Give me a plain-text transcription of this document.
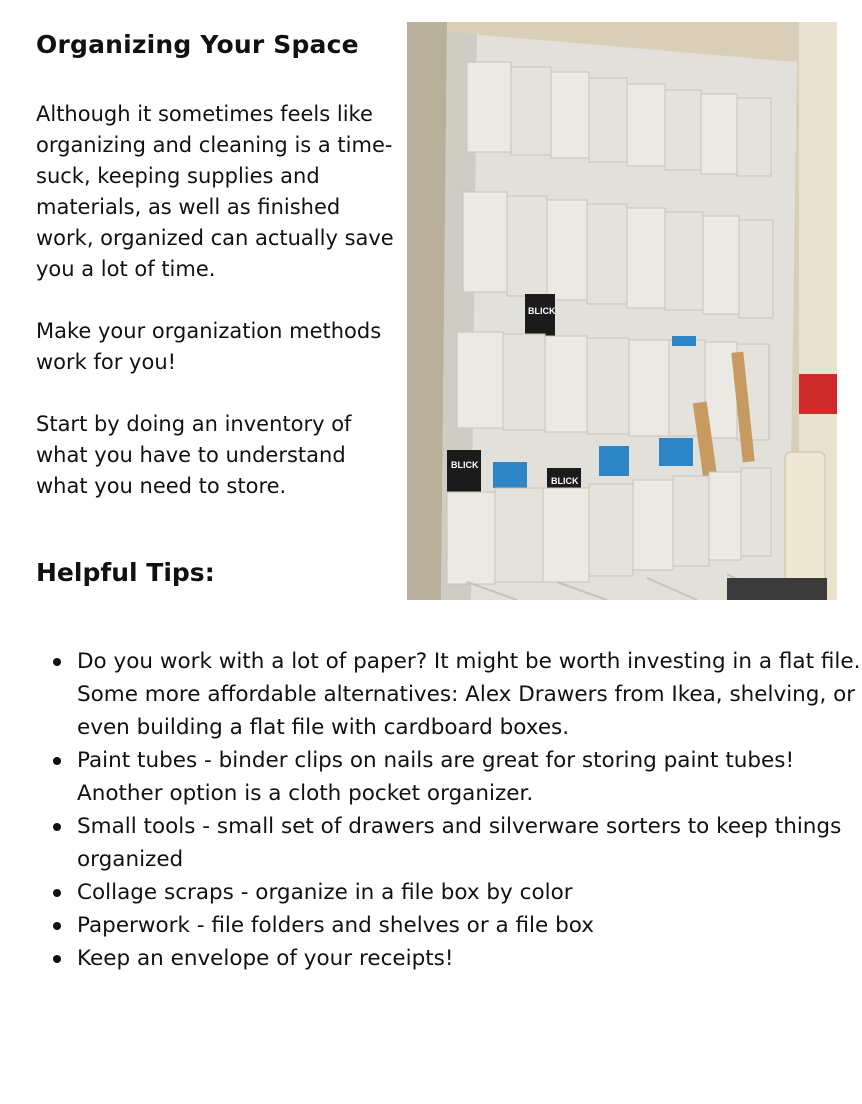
Organizing Your Space

Although it sometimes feels like organizing and cleaning is a time-suck, keeping supplies and materials, as well as finished work, organized can actually save you a lot of time.

Make your organization methods work for you!

Start by doing an inventory of what you have to understand what you need to store.

Helpful Tips:
BLICK
BLICK
BLICK
Do you work with a lot of paper? It might be worth investing in a flat file. Some more affordable alternatives: Alex Drawers from Ikea, shelving, or even building a flat file with cardboard boxes.
Paint tubes - binder clips on nails are great for storing paint tubes! Another option is a cloth pocket organizer.
Small tools - small set of drawers and silverware sorters to keep things organized
Collage scraps - organize in a file box by color
Paperwork - file folders and shelves or a file box
Keep an envelope of your receipts!
